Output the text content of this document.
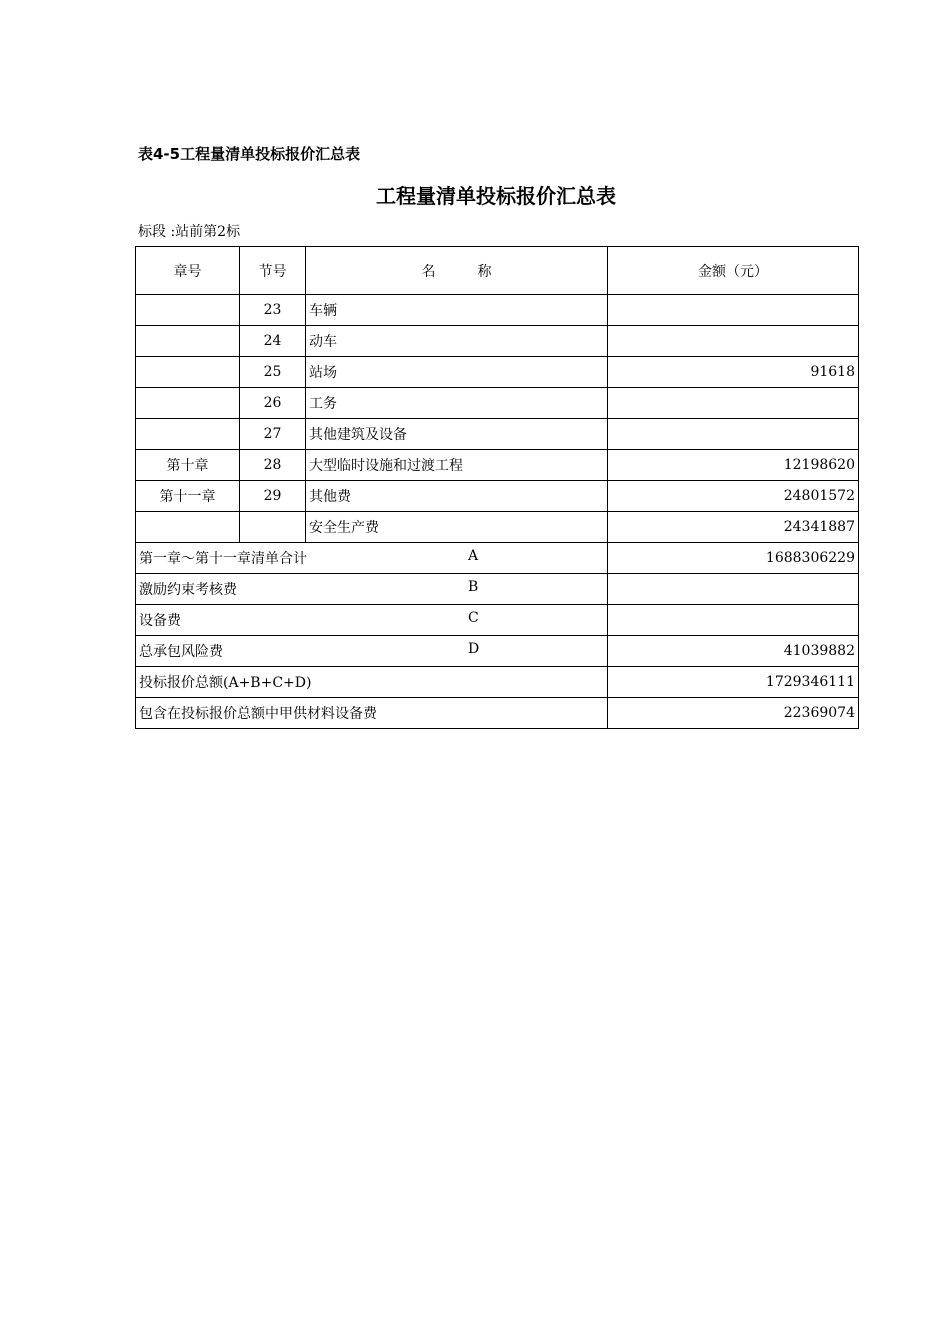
表4-5工程量清单投标报价汇总表
工程量清单投标报价汇总表
标段 :站前第2标
章号	节号	名　　　称	金额（元）
	23	车辆	
	24	动车	
	25	站场	91618
	26	工务	
	27	其他建筑及设备	
第十章	28	大型临时设施和过渡工程	12198620
第十一章	29	其他费	24801572
		安全生产费	24341887
第一章～第十一章清单合计 A			1688306229
激励约束考核费 B			

设备费 C			

总承包风险费 D			41039882
投标报价总额(A+B+C+D)			1729346111
包含在投标报价总额中甲供材料设备费			22369074
